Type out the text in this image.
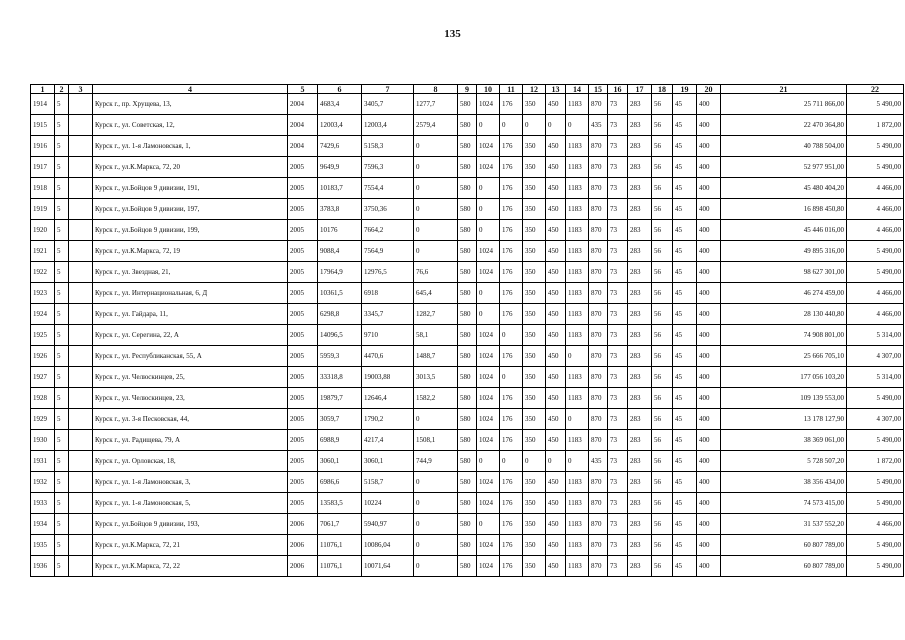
135
1	2	3	4	5	6	7	8	9	10	11	12	13	14	15	16	17	18	19	20	21	22
1914	5		Курск г., пр. Хрущева, 13,	2004	4683,4	3405,7	1277,7	580	1024	176	350	450	1183	870	73	283	56	45	400	25 711 866,00	5 490,00
1915	5		Курск г., ул. Советская, 12,	2004	12003,4	12003,4	2579,4	580	0	0	0	0	0	435	73	283	56	45	400	22 470 364,80	1 872,00
1916	5		Курск г., ул. 1-я Ламоновская, 1,	2004	7429,6	5158,3	0	580	1024	176	350	450	1183	870	73	283	56	45	400	40 788 504,00	5 490,00
1917	5		Курск г., ул.К.Маркса, 72, 20	2005	9649,9	7596,3	0	580	1024	176	350	450	1183	870	73	283	56	45	400	52 977 951,00	5 490,00
1918	5		Курск г., ул.Бойцов 9 дивизии, 191,	2005	10183,7	7554,4	0	580	0	176	350	450	1183	870	73	283	56	45	400	45 480 404,20	4 466,00
1919	5		Курск г., ул.Бойцов 9 дивизии, 197,	2005	3783,8	3750,36	0	580	0	176	350	450	1183	870	73	283	56	45	400	16 898 450,80	4 466,00
1920	5		Курск г., ул.Бойцов 9 дивизии, 199,	2005	10176	7664,2	0	580	0	176	350	450	1183	870	73	283	56	45	400	45 446 016,00	4 466,00
1921	5		Курск г., ул.К.Маркса, 72, 19	2005	9088,4	7564,9	0	580	1024	176	350	450	1183	870	73	283	56	45	400	49 895 316,00	5 490,00
1922	5		Курск г., ул. Звездная, 21,	2005	17964,9	12976,5	76,6	580	1024	176	350	450	1183	870	73	283	56	45	400	98 627 301,00	5 490,00
1923	5		Курск г., ул. Интернациональная, 6, Д	2005	10361,5	6918	645,4	580	0	176	350	450	1183	870	73	283	56	45	400	46 274 459,00	4 466,00
1924	5		Курск г., ул. Гайдара, 11,	2005	6298,8	3345,7	1282,7	580	0	176	350	450	1183	870	73	283	56	45	400	28 130 440,80	4 466,00
1925	5		Курск г., ул. Серегина, 22, А	2005	14096,5	9710	58,1	580	1024	0	350	450	1183	870	73	283	56	45	400	74 908 801,00	5 314,00
1926	5		Курск г., ул. Республиканская, 55, А	2005	5959,3	4470,6	1488,7	580	1024	176	350	450	0	870	73	283	56	45	400	25 666 705,10	4 307,00
1927	5		Курск г., ул. Челюскинцев, 25,	2005	33318,8	19003,88	3013,5	580	1024	0	350	450	1183	870	73	283	56	45	400	177 056 103,20	5 314,00
1928	5		Курск г., ул. Челюскинцев, 23,	2005	19879,7	12646,4	1582,2	580	1024	176	350	450	1183	870	73	283	56	45	400	109 139 553,00	5 490,00
1929	5		Курск г., ул. 3-я Песковская, 44,	2005	3059,7	1790,2	0	580	1024	176	350	450	0	870	73	283	56	45	400	13 178 127,90	4 307,00
1930	5		Курск г., ул. Радищева, 79, А	2005	6988,9	4217,4	1508,1	580	1024	176	350	450	1183	870	73	283	56	45	400	38 369 061,00	5 490,00
1931	5		Курск г., ул. Орловская, 18,	2005	3060,1	3060,1	744,9	580	0	0	0	0	0	435	73	283	56	45	400	5 728 507,20	1 872,00
1932	5		Курск г., ул. 1-я Ламоновская, 3,	2005	6986,6	5158,7	0	580	1024	176	350	450	1183	870	73	283	56	45	400	38 356 434,00	5 490,00
1933	5		Курск г., ул. 1-я Ламоновская, 5,	2005	13583,5	10224	0	580	1024	176	350	450	1183	870	73	283	56	45	400	74 573 415,00	5 490,00
1934	5		Курск г., ул.Бойцов 9 дивизии, 193,	2006	7061,7	5940,97	0	580	0	176	350	450	1183	870	73	283	56	45	400	31 537 552,20	4 466,00
1935	5		Курск г., ул.К.Маркса, 72, 21	2006	11076,1	10086,04	0	580	1024	176	350	450	1183	870	73	283	56	45	400	60 807 789,00	5 490,00
1936	5		Курск г., ул.К.Маркса, 72, 22	2006	11076,1	10071,64	0	580	1024	176	350	450	1183	870	73	283	56	45	400	60 807 789,00	5 490,00
